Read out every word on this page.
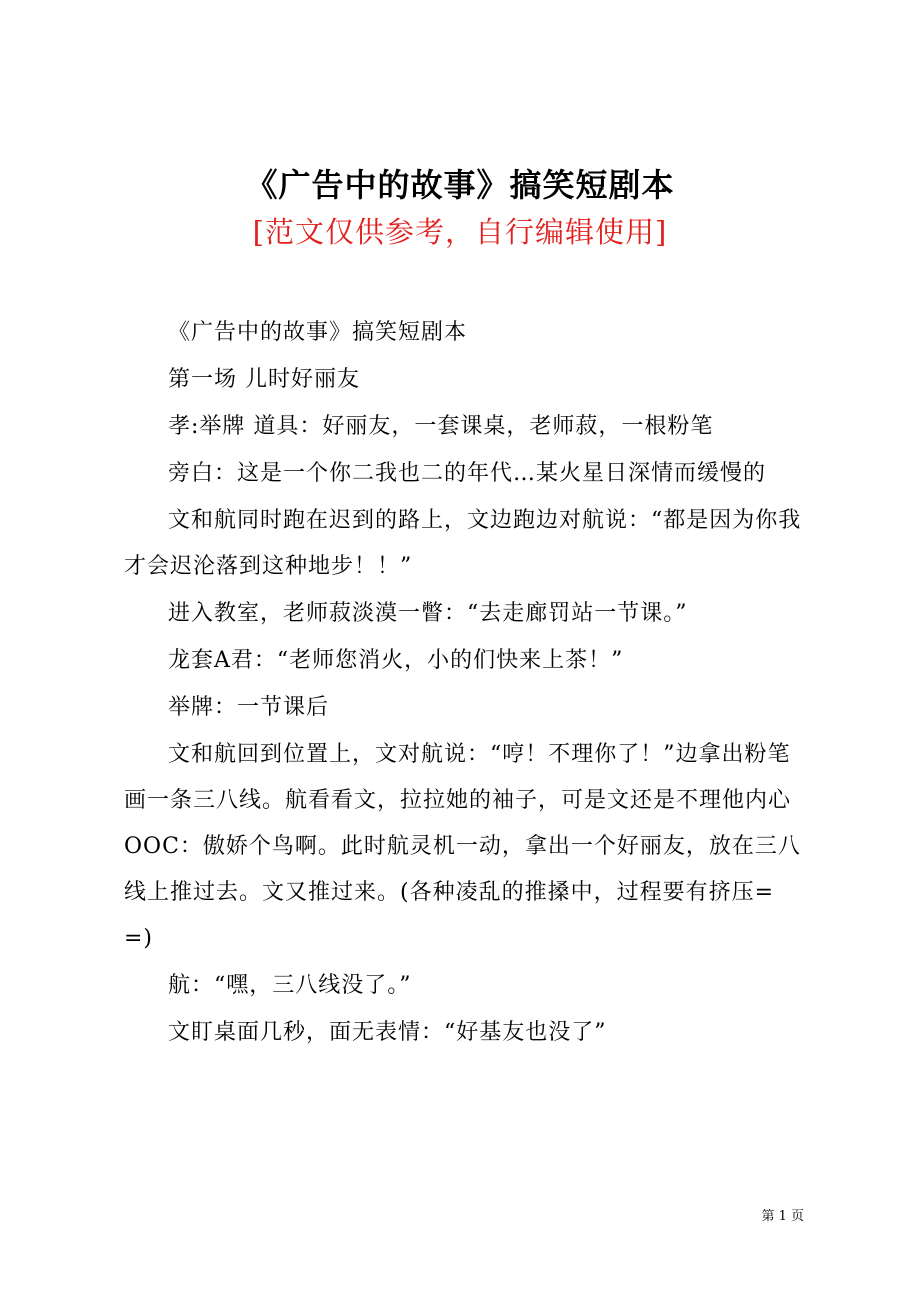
《广告中的故事》搞笑短剧本
[范文仅供参考，自行编辑使用]

《广告中的故事》搞笑短剧本

第一场 儿时好丽友

孝:举牌 道具：好丽友，一套课桌，老师菽，一根粉笔

旁白：这是一个你二我也二的年代…某火星日深情而缓慢的

文和航同时跑在迟到的路上，文边跑边对航说：“都是因为你我才会迟沦落到这种地步！！”

进入教室，老师菽淡漠一瞥：“去走廊罚站一节课。”

龙套A君：“老师您消火，小的们快来上茶！”

举牌：一节课后

文和航回到位置上，文对航说：“哼！不理你了！”边拿出粉笔画一条三八线。航看看文，拉拉她的袖子，可是文还是不理他内心OOC：傲娇个鸟啊。此时航灵机一动，拿出一个好丽友，放在三八线上推过去。文又推过来。(各种凌乱的推搡中，过程要有挤压= =)

航：“嘿，三八线没了。”

文盯桌面几秒，面无表情：“好基友也没了”

第 1 页
